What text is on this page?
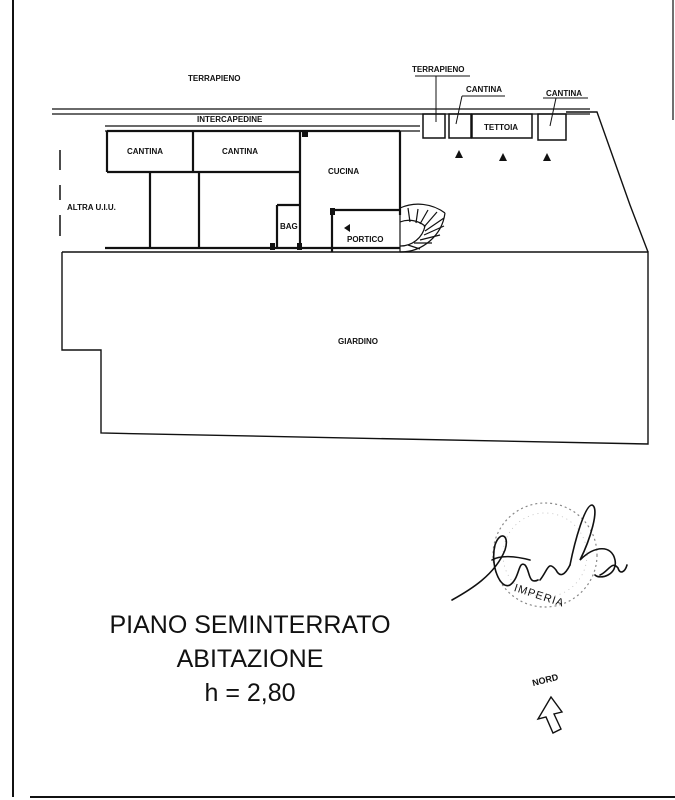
TERRAPIENO
TERRAPIENO
CANTINA	CANTINA
INTERCAPEDINE
TETTOIA
CANTINA	CANTINA
CUCINA
ALTRA U.I.U.
BAG
PORTICO
GIARDINO
PIANO SEMINTERRATO
ABITAZIONE
h = 2,80
IMPERIA
NORD
